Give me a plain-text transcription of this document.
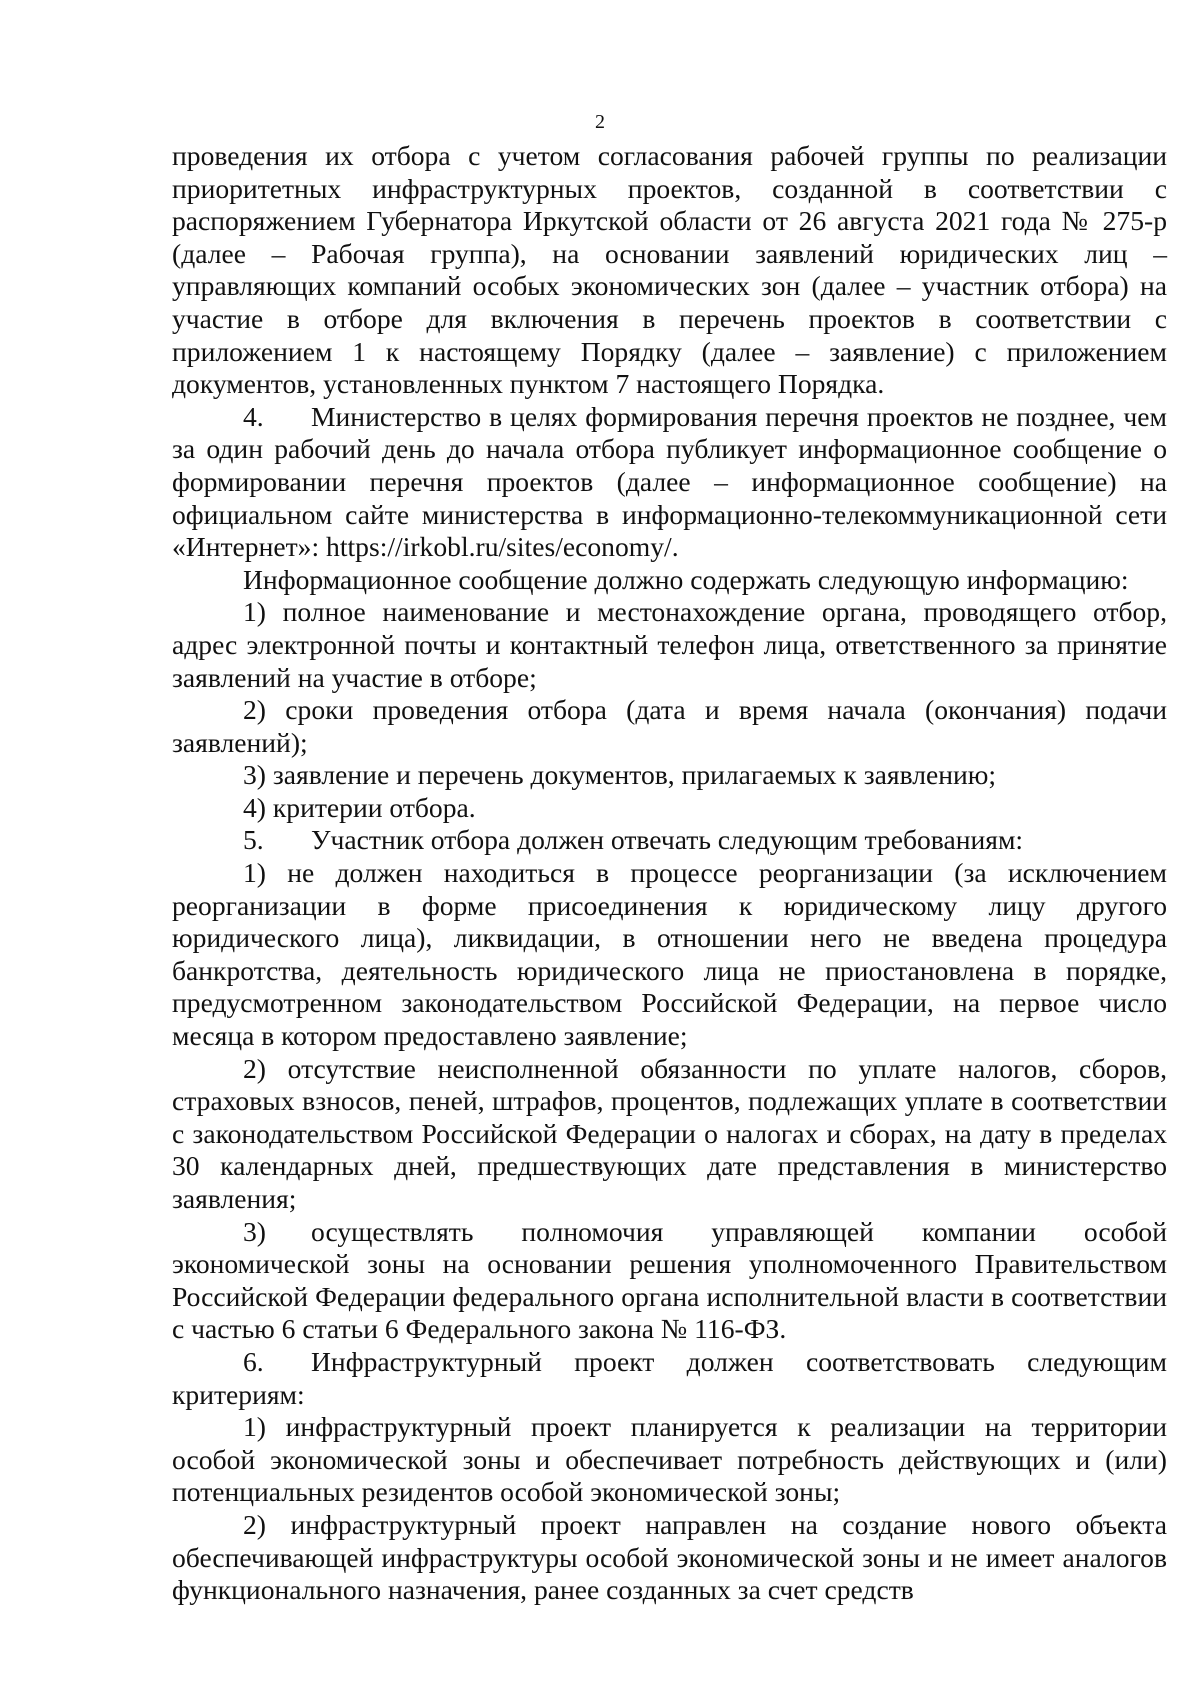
2

проведения их отбора с учетом согласования рабочей группы по реализации приоритетных инфраструктурных проектов, созданной в соответствии с распоряжением Губернатора Иркутской области от 26 августа 2021 года № 275-р (далее – Рабочая группа), на основании заявлений юридических лиц – управляющих компаний особых экономических зон (далее – участник отбора) на участие в отборе для включения в перечень проектов в соответствии с приложением 1 к настоящему Порядку (далее – заявление) с приложением документов, установленных пунктом 7 настоящего Порядка.

4. Министерство в целях формирования перечня проектов не позднее, чем за один рабочий день до начала отбора публикует информационное сообщение о формировании перечня проектов (далее – информационное сообщение) на официальном сайте министерства в информационно-телекоммуникационной сети «Интернет»: https://irkobl.ru/sites/economy/.

Информационное сообщение должно содержать следующую информацию:

1) полное наименование и местонахождение органа, проводящего отбор, адрес электронной почты и контактный телефон лица, ответственного за принятие заявлений на участие в отборе;

2) сроки проведения отбора (дата и время начала (окончания) подачи заявлений);

3) заявление и перечень документов, прилагаемых к заявлению;

4) критерии отбора.

5. Участник отбора должен отвечать следующим требованиям:

1) не должен находиться в процессе реорганизации (за исключением реорганизации в форме присоединения к юридическому лицу другого юридического лица), ликвидации, в отношении него не введена процедура банкротства, деятельность юридического лица не приостановлена в порядке, предусмотренном законодательством Российской Федерации, на первое число месяца в котором предоставлено заявление;

2) отсутствие неисполненной обязанности по уплате налогов, сборов, страховых взносов, пеней, штрафов, процентов, подлежащих уплате в соответствии с законодательством Российской Федерации о налогах и сборах, на дату в пределах 30 календарных дней, предшествующих дате представления в министерство заявления;

3) осуществлять полномочия управляющей компании особой экономической зоны на основании решения уполномоченного Правительством Российской Федерации федерального органа исполнительной власти в соответствии с частью 6 статьи 6 Федерального закона № 116-ФЗ.

6. Инфраструктурный проект должен соответствовать следующим критериям:

1) инфраструктурный проект планируется к реализации на территории особой экономической зоны и обеспечивает потребность действующих и (или) потенциальных резидентов особой экономической зоны;

2) инфраструктурный проект направлен на создание нового объекта обеспечивающей инфраструктуры особой экономической зоны и не имеет аналогов функционального назначения, ранее созданных за счет средств
